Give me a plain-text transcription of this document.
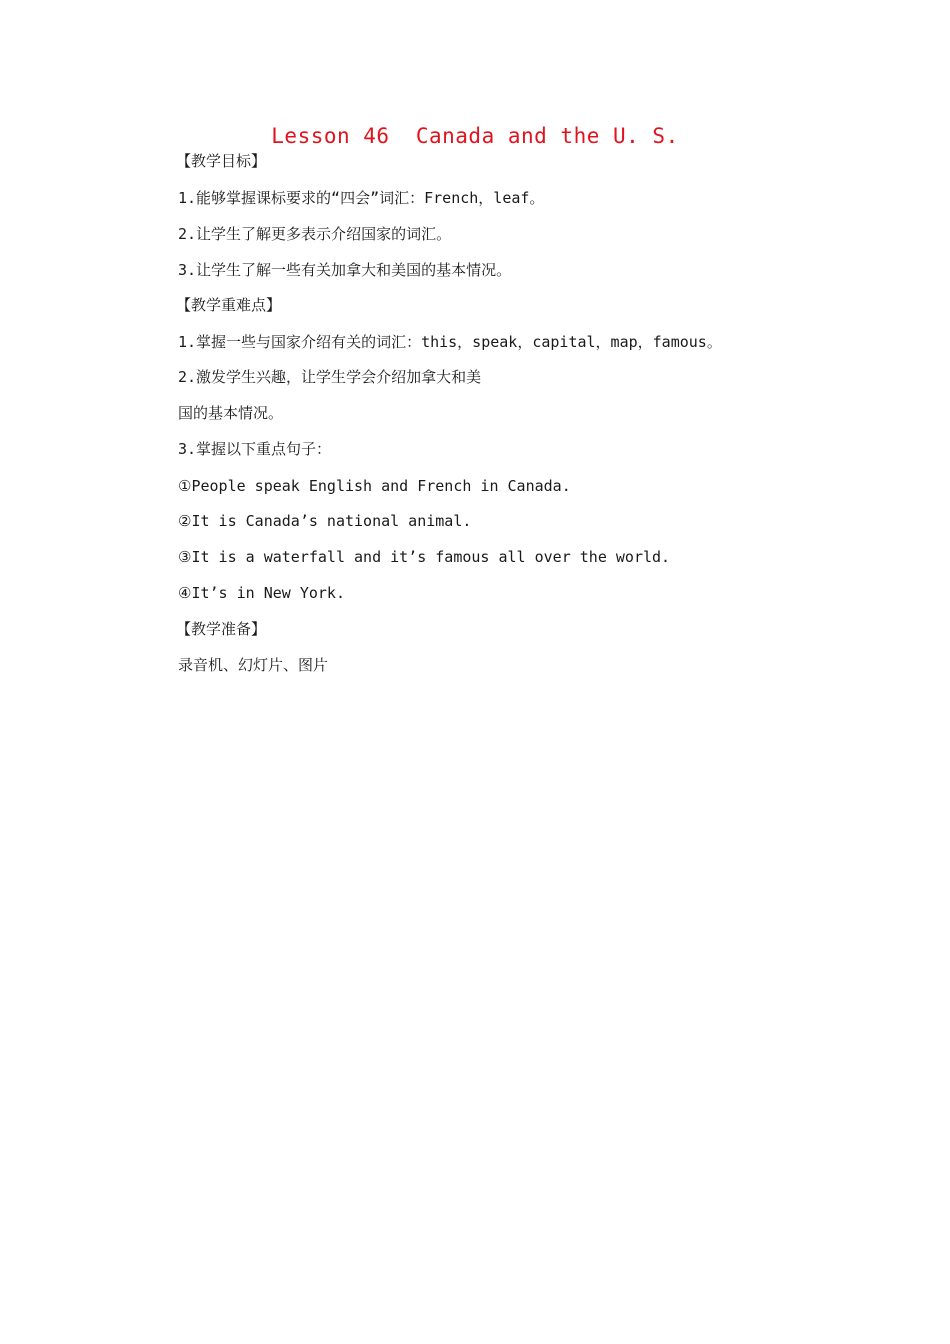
Lesson 46  Canada and the U. S.
【教学目标】
1.能够掌握课标要求的“四会”词汇：French，leaf。
2.让学生了解更多表示介绍国家的词汇。
3.让学生了解一些有关加拿大和美国的基本情况。
【教学重难点】
1.掌握一些与国家介绍有关的词汇：this，speak，capital，map，famous。
2.激发学生兴趣，让学生学会介绍加拿大和美
国的基本情况。
3.掌握以下重点句子：
①People speak English and French in Canada.
②It is Canada’s national animal.
③It is a waterfall and it’s famous all over the world.
④It’s in New York.
【教学准备】
录音机、幻灯片、图片
